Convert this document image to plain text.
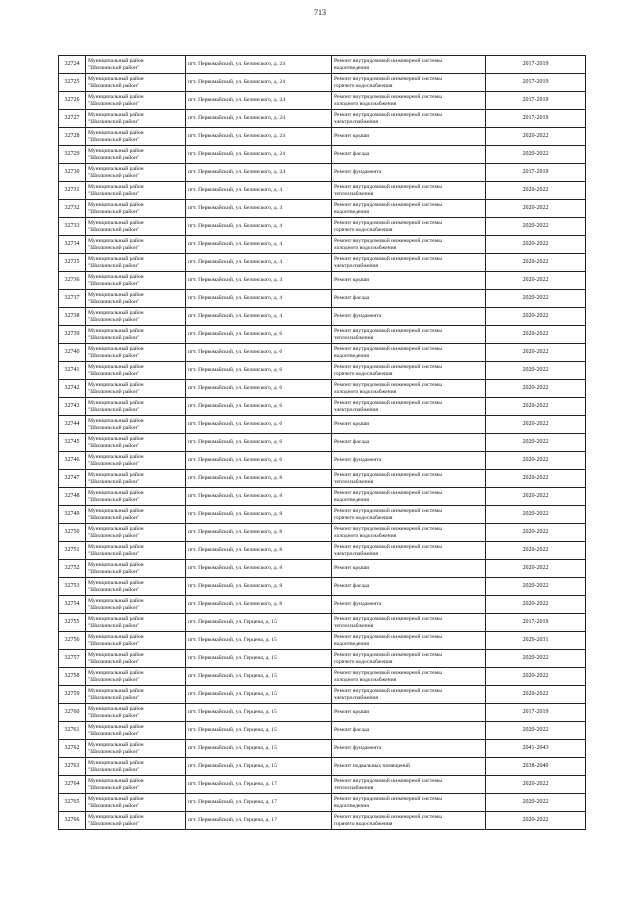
713
32724	Муниципальный район
"Шилкинский район"	пгт. Первомайский, ул. Белинского, д. 24	Ремонт внутридомовой инженерной системы
водоотведения	2017-2019
32725	Муниципальный район
"Шилкинский район"	пгт. Первомайский, ул. Белинского, д. 24	Ремонт внутридомовой инженерной системы
горячего водоснабжения	2017-2019
32726	Муниципальный район
"Шилкинский район"	пгт. Первомайский, ул. Белинского, д. 24	Ремонт внутридомовой инженерной системы
холодного водоснабжения	2017-2019
32727	Муниципальный район
"Шилкинский район"	пгт. Первомайский, ул. Белинского, д. 24	Ремонт внутридомовой инженерной системы
электроснабжения	2017-2019
32728	Муниципальный район
"Шилкинский район"	пгт. Первомайский, ул. Белинского, д. 24	Ремонт крыши	2020-2022
32729	Муниципальный район
"Шилкинский район"	пгт. Первомайский, ул. Белинского, д. 24	Ремонт фасада	2020-2022
32730	Муниципальный район
"Шилкинский район"	пгт. Первомайский, ул. Белинского, д. 24	Ремонт фундамента	2017-2019
32731	Муниципальный район
"Шилкинский район"	пгт. Первомайский, ул. Белинского, д. 4	Ремонт внутридомовой инженерной системы
теплоснабжения	2020-2022
32732	Муниципальный район
"Шилкинский район"	пгт. Первомайский, ул. Белинского, д. 4	Ремонт внутридомовой инженерной системы
водоотведения	2020-2022
32733	Муниципальный район
"Шилкинский район"	пгт. Первомайский, ул. Белинского, д. 4	Ремонт внутридомовой инженерной системы
горячего водоснабжения	2020-2022
32734	Муниципальный район
"Шилкинский район"	пгт. Первомайский, ул. Белинского, д. 4	Ремонт внутридомовой инженерной системы
холодного водоснабжения	2020-2022
32735	Муниципальный район
"Шилкинский район"	пгт. Первомайский, ул. Белинского, д. 4	Ремонт внутридомовой инженерной системы
электроснабжения	2020-2022
32736	Муниципальный район
"Шилкинский район"	пгт. Первомайский, ул. Белинского, д. 4	Ремонт крыши	2020-2022
32737	Муниципальный район
"Шилкинский район"	пгт. Первомайский, ул. Белинского, д. 4	Ремонт фасада	2020-2022
32738	Муниципальный район
"Шилкинский район"	пгт. Первомайский, ул. Белинского, д. 4	Ремонт фундамента	2020-2022
32739	Муниципальный район
"Шилкинский район"	пгт. Первомайский, ул. Белинского, д. 6	Ремонт внутридомовой инженерной системы
теплоснабжения	2020-2022
32740	Муниципальный район
"Шилкинский район"	пгт. Первомайский, ул. Белинского, д. 6	Ремонт внутридомовой инженерной системы
водоотведения	2020-2022
32741	Муниципальный район
"Шилкинский район"	пгт. Первомайский, ул. Белинского, д. 6	Ремонт внутридомовой инженерной системы
горячего водоснабжения	2020-2022
32742	Муниципальный район
"Шилкинский район"	пгт. Первомайский, ул. Белинского, д. 6	Ремонт внутридомовой инженерной системы
холодного водоснабжения	2020-2022
32743	Муниципальный район
"Шилкинский район"	пгт. Первомайский, ул. Белинского, д. 6	Ремонт внутридомовой инженерной системы
электроснабжения	2020-2022
32744	Муниципальный район
"Шилкинский район"	пгт. Первомайский, ул. Белинского, д. 6	Ремонт крыши	2020-2022
32745	Муниципальный район
"Шилкинский район"	пгт. Первомайский, ул. Белинского, д. 6	Ремонт фасада	2020-2022
32746	Муниципальный район
"Шилкинский район"	пгт. Первомайский, ул. Белинского, д. 6	Ремонт фундамента	2020-2022
32747	Муниципальный район
"Шилкинский район"	пгт. Первомайский, ул. Белинского, д. 8	Ремонт внутридомовой инженерной системы
теплоснабжения	2020-2022
32748	Муниципальный район
"Шилкинский район"	пгт. Первомайский, ул. Белинского, д. 8	Ремонт внутридомовой инженерной системы
водоотведения	2020-2022
32749	Муниципальный район
"Шилкинский район"	пгт. Первомайский, ул. Белинского, д. 8	Ремонт внутридомовой инженерной системы
горячего водоснабжения	2020-2022
32750	Муниципальный район
"Шилкинский район"	пгт. Первомайский, ул. Белинского, д. 8	Ремонт внутридомовой инженерной системы
холодного водоснабжения	2020-2022
32751	Муниципальный район
"Шилкинский район"	пгт. Первомайский, ул. Белинского, д. 8	Ремонт внутридомовой инженерной системы
электроснабжения	2020-2022
32752	Муниципальный район
"Шилкинский район"	пгт. Первомайский, ул. Белинского, д. 8	Ремонт крыши	2020-2022
32753	Муниципальный район
"Шилкинский район"	пгт. Первомайский, ул. Белинского, д. 8	Ремонт фасада	2020-2022
32754	Муниципальный район
"Шилкинский район"	пгт. Первомайский, ул. Белинского, д. 8	Ремонт фундамента	2020-2022
32755	Муниципальный район
"Шилкинский район"	пгт. Первомайский, ул. Герцена, д. 15	Ремонт внутридомовой инженерной системы
теплоснабжения	2017-2019
32756	Муниципальный район
"Шилкинский район"	пгт. Первомайский, ул. Герцена, д. 15	Ремонт внутридомовой инженерной системы
водоотведения	2029-2031
32757	Муниципальный район
"Шилкинский район"	пгт. Первомайский, ул. Герцена, д. 15	Ремонт внутридомовой инженерной системы
горячего водоснабжения	2020-2022
32758	Муниципальный район
"Шилкинский район"	пгт. Первомайский, ул. Герцена, д. 15	Ремонт внутридомовой инженерной системы
холодного водоснабжения	2020-2022
32759	Муниципальный район
"Шилкинский район"	пгт. Первомайский, ул. Герцена, д. 15	Ремонт внутридомовой инженерной системы
электроснабжения	2020-2022
32760	Муниципальный район
"Шилкинский район"	пгт. Первомайский, ул. Герцена, д. 15	Ремонт крыши	2017-2019
32761	Муниципальный район
"Шилкинский район"	пгт. Первомайский, ул. Герцена, д. 15	Ремонт фасада	2020-2022
32762	Муниципальный район
"Шилкинский район"	пгт. Первомайский, ул. Герцена, д. 15	Ремонт фундамента	2041-2043
32763	Муниципальный район
"Шилкинский район"	пгт. Первомайский, ул. Герцена, д. 15	Ремонт подвальных помещений	2038-2040
32764	Муниципальный район
"Шилкинский район"	пгт. Первомайский, ул. Герцена, д. 17	Ремонт внутридомовой инженерной системы
теплоснабжения	2020-2022
32765	Муниципальный район
"Шилкинский район"	пгт. Первомайский, ул. Герцена, д. 17	Ремонт внутридомовой инженерной системы
водоотведения	2020-2022
32766	Муниципальный район
"Шилкинский район"	пгт. Первомайский, ул. Герцена, д. 17	Ремонт внутридомовой инженерной системы
горячего водоснабжения	2020-2022
